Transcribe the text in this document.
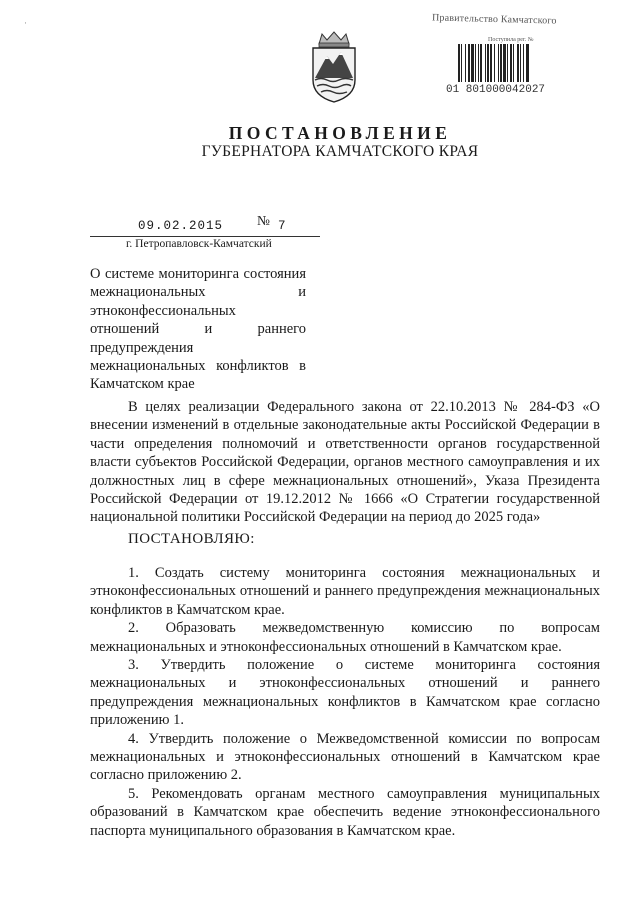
·	Правительство Камчатского
Поступила рег. №
01 801000042027
ПОСТАНОВЛЕНИЕ
ГУБЕРНАТОРА КАМЧАТСКОГО КРАЯ
09.02.2015	№ 7
г. Петропавловск-Камчатский
О системе мониторинга состояния межнациональных и этноконфессиональных отношений и раннего предупреждения межнациональных конфликтов в Камчатском крае
В целях реализации Федерального закона от 22.10.2013 № 284-ФЗ «О внесении изменений в отдельные законодательные акты Российской Федерации в части определения полномочий и ответственности органов государственной власти субъектов Российской Федерации, органов местного самоуправления и их должностных лиц в сфере межнациональных отношений», Указа Президента Российской Федерации от 19.12.2012 № 1666 «О Стратегии государственной национальной политики Российской Федерации на период до 2025 года»
ПОСТАНОВЛЯЮ:

1. Создать систему мониторинга состояния межнациональных и этноконфессиональных отношений и раннего предупреждения межнациональных конфликтов в Камчатском крае.

2. Образовать межведомственную комиссию по вопросам межнациональных и этноконфессиональных отношений в Камчатском крае.

3. Утвердить положение о системе мониторинга состояния межнациональных и этноконфессиональных отношений и раннего предупреждения межнациональных конфликтов в Камчатском крае согласно приложению 1.

4. Утвердить положение о Межведомственной комиссии по вопросам межнациональных и этноконфессиональных отношений в Камчатском крае согласно приложению 2.

5. Рекомендовать органам местного самоуправления муниципальных образований в Камчатском крае обеспечить ведение этноконфессионального паспорта муниципального образования в Камчатском крае.
